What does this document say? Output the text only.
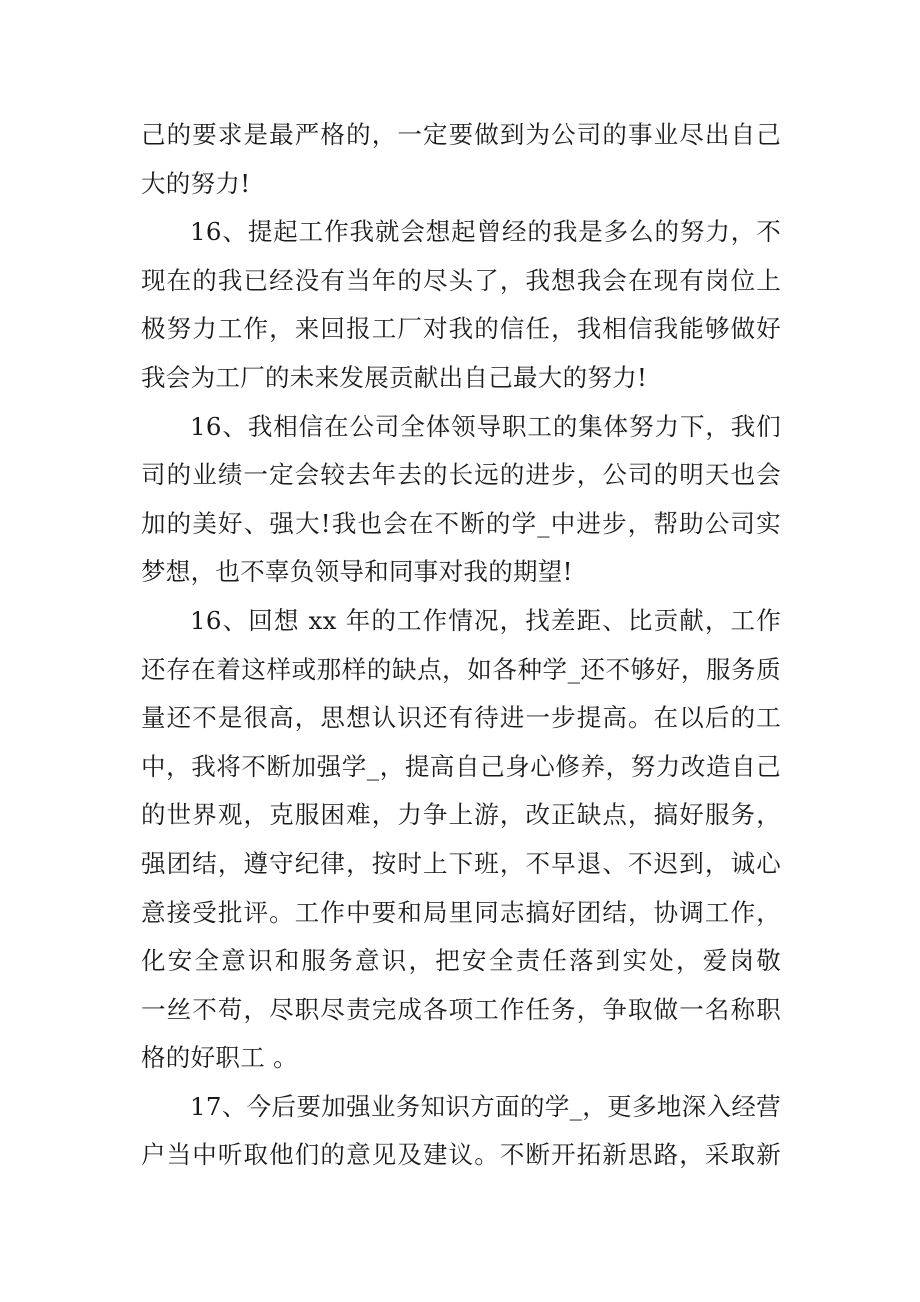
己的要求是最严格的，一定要做到为公司的事业尽出自己
大的努力!
16、提起工作我就会想起曾经的我是多么的努力，不
现在的我已经没有当年的尽头了，我想我会在现有岗位上
极努力工作，来回报工厂对我的信任，我相信我能够做好
我会为工厂的未来发展贡献出自己最大的努力!
16、我相信在公司全体领导职工的集体努力下，我们
司的业绩一定会较去年去的长远的进步，公司的明天也会
加的美好、强大!我也会在不断的学_中进步，帮助公司实
梦想，也不辜负领导和同事对我的期望!
16、回想 xx 年的工作情况，找差距、比贡献，工作
还存在着这样或那样的缺点，如各种学_还不够好，服务质
量还不是很高，思想认识还有待进一步提高。在以后的工
中，我将不断加强学_，提高自己身心修养，努力改造自己
的世界观，克服困难，力争上游，改正缺点，搞好服务，
强团结，遵守纪律，按时上下班，不早退、不迟到，诚心
意接受批评。工作中要和局里同志搞好团结，协调工作，
化安全意识和服务意识，把安全责任落到实处，爱岗敬
一丝不苟，尽职尽责完成各项工作任务，争取做一名称职
格的好职工 。
17、今后要加强业务知识方面的学_，更多地深入经营
户当中听取他们的意见及建议。不断开拓新思路，采取新
